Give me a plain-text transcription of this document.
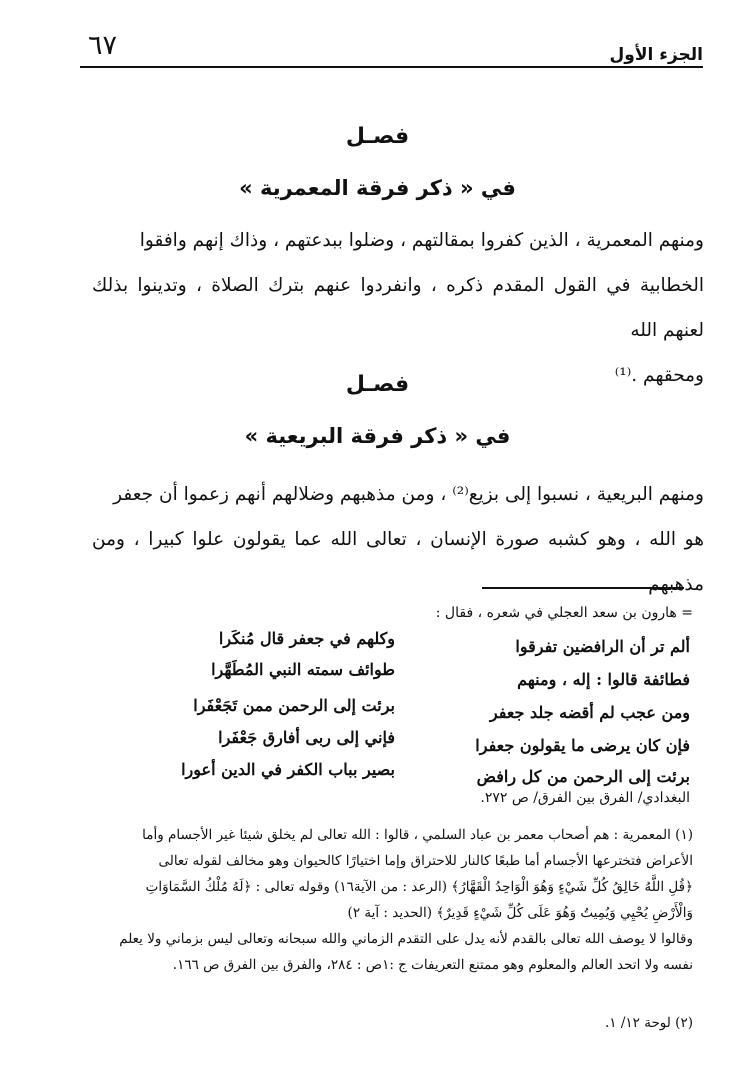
٦٧	الجزء الأول
فصـل
في « ذكر فرقة المعمرية »
ومنهم المعمرية ، الذين كفروا بمقالتهم ، وضلوا ببدعتهم ، وذاك إنهم وافقوا
الخطابية في القول المقدم ذكره ، وانفردوا عنهم بترك الصلاة ، وتدينوا بذلك لعنهم الله
ومحقهم .⁽¹⁾
فصـل
في « ذكر فرقة البريعية »
ومنهم البريعية ، نسبوا إلى بزيع⁽²⁾ ، ومن مذهبهم وضلالهم أنهم زعموا أن جعفر
هو الله ، وهو كشبه صورة الإنسان ، تعالى الله عما يقولون علوا كبيرا ، ومن مذهبهم
= هارون بن سعد العجلي في شعره ، فقال :
ألم تر أن الرافضين تفرقوا
وكلهم في جعفر قال مُنكَرا
فطائفة قالوا : إله ، ومنهم
طوائف سمته النبي المُطَهَّرا
ومن عجب لم أقضه جلد جعفر
برئت إلى الرحمن ممن تَجَعْفَرا
فإن كان يرضى ما يقولون جعفرا
فإني إلى ربى أفارق جَعْفَرا
برئت إلى الرحمن من كل رافض
بصير بباب الكفر في الدين أعورا
البغدادي/ الفرق بين الفرق/ ص ٢٧٢.
(١) المعمرية : هم أصحاب معمر بن عباد السلمي ، قالوا : الله تعالى لم يخلق شيئا غير الأجسام وأما
الأعراض فتخترعها الأجسام أما طبعًا كالنار للاحتراق وإما اختيارًا كالحيوان وهو مخالف لقوله تعالى
﴿قُلِ اللَّهُ خَالِقُ كُلِّ شَيْءٍ وَهُوَ الْوَاحِدُ الْقَهَّارُ﴾ (الرعد : من الآية١٦) وقوله تعالى : ﴿لَهُ مُلْكُ السَّمَاوَاتِ
وَالْأَرْضِ يُحْيِي وَيُمِيتُ وَهُوَ عَلَى كُلِّ شَيْءٍ قَدِيرٌ﴾ (الحديد : آية ٢)
وقالوا لا يوصف الله تعالى بالقدم لأنه يدل على التقدم الزماني والله سبحانه وتعالى ليس بزماني ولا يعلم
نفسه ولا اتحد العالم والمعلوم وهو ممتنع التعريفات ج :١ص : ٢٨٤، والفرق بين الفرق ص ١٦٦.
(٢) لوحة ١٢/ ١.
